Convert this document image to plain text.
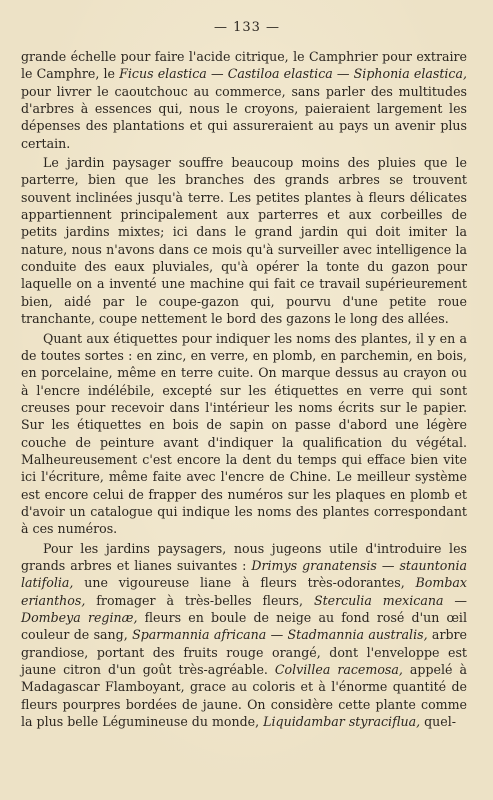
— 133 —

grande échelle pour faire l'acide citrique, le Camphrier pour extraire le Camphre, le Ficus elastica — Castiloa elastica — Siphonia elastica, pour livrer le caoutchouc au commerce, sans parler des multitudes d'arbres à essences qui, nous le croyons, paieraient largement les dépenses des plantations et qui assureraient au pays un avenir plus certain.

Le jardin paysager souffre beaucoup moins des pluies que le parterre, bien que les branches des grands arbres se trouvent souvent inclinées jusqu'à terre. Les petites plantes à fleurs délicates appartiennent principalement aux parterres et aux corbeilles de petits jardins mixtes; ici dans le grand jardin qui doit imiter la nature, nous n'avons dans ce mois qu'à surveiller avec intelligence la conduite des eaux pluviales, qu'à opérer la tonte du gazon pour laquelle on a inventé une machine qui fait ce travail supérieurement bien, aidé par le coupe-gazon qui, pourvu d'une petite roue tranchante, coupe nettement le bord des gazons le long des allées.

Quant aux étiquettes pour indiquer les noms des plantes, il y en a de toutes sortes : en zinc, en verre, en plomb, en parchemin, en bois, en porcelaine, même en terre cuite. On marque dessus au crayon ou à l'encre indélébile, excepté sur les étiquettes en verre qui sont creuses pour recevoir dans l'intérieur les noms écrits sur le papier. Sur les étiquettes en bois de sapin on passe d'abord une légère couche de peinture avant d'indiquer la qualification du végétal. Malheureusement c'est encore la dent du temps qui efface bien vite ici l'écriture, même faite avec l'encre de Chine. Le meilleur système est encore celui de frapper des numéros sur les plaques en plomb et d'avoir un catalogue qui indique les noms des plantes correspondant à ces numéros.

Pour les jardins paysagers, nous jugeons utile d'introduire les grands arbres et lianes suivantes : Drimys granatensis — stauntonia latifolia, une vigoureuse liane à fleurs très-odorantes, Bombax erianthos, fromager à très-belles fleurs, Sterculia mexicana — Dombeya reginæ, fleurs en boule de neige au fond rosé d'un œil couleur de sang, Sparmannia africana — Stadmannia australis, arbre grandiose, portant des fruits rouge orangé, dont l'enveloppe est jaune citron d'un goût très-agréable. Colvillea racemosa, appelé à Madagascar Flamboyant, grace au coloris et à l'énorme quantité de fleurs pourpres bordées de jaune. On considère cette plante comme la plus belle Légumineuse du monde, Liquidambar styraciflua, quel-
